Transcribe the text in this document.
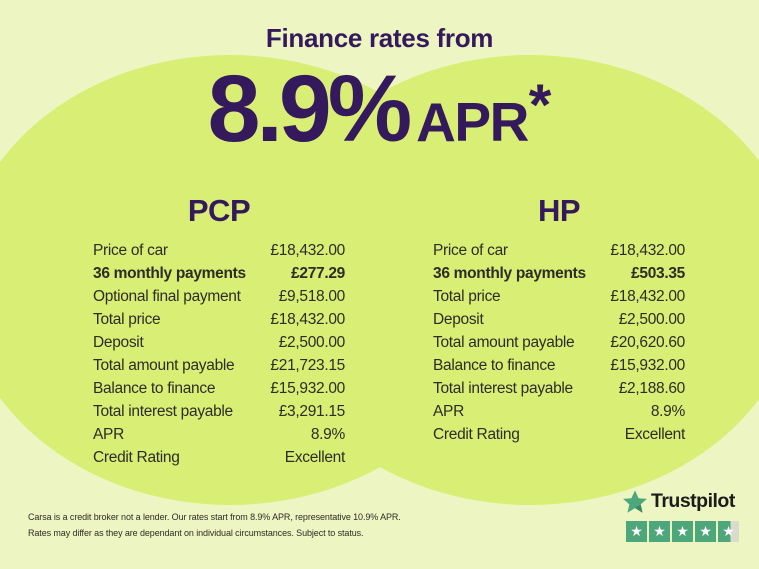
Finance rates from
8.9% APR *
PCP
Price of car	£18,432.00
36 monthly payments	£277.29
Optional final payment £9,518.00
Total price	£18,432.00
Deposit	£2,500.00
Total amount payable £21,723.15
Balance to finance	£15,932.00
Total interest payable	£3,291.15
APR	8.9%
Credit Rating	Excellent
HP
Price of car	£18,432.00
36 monthly payments	£503.35
Total price	£18,432.00
Deposit	£2,500.00
Total amount payable £20,620.60
Balance to finance	£15,932.00
Total interest payable	£2,188.60
APR	8.9%
Credit Rating	Excellent

Carsa is a credit broker not a lender. Our rates start from 8.9% APR, representative 10.9% APR.
Rates may differ as they are dependant on individual circumstances. Subject to status.

Trustpilot
★ ★ ★ ★ ★
